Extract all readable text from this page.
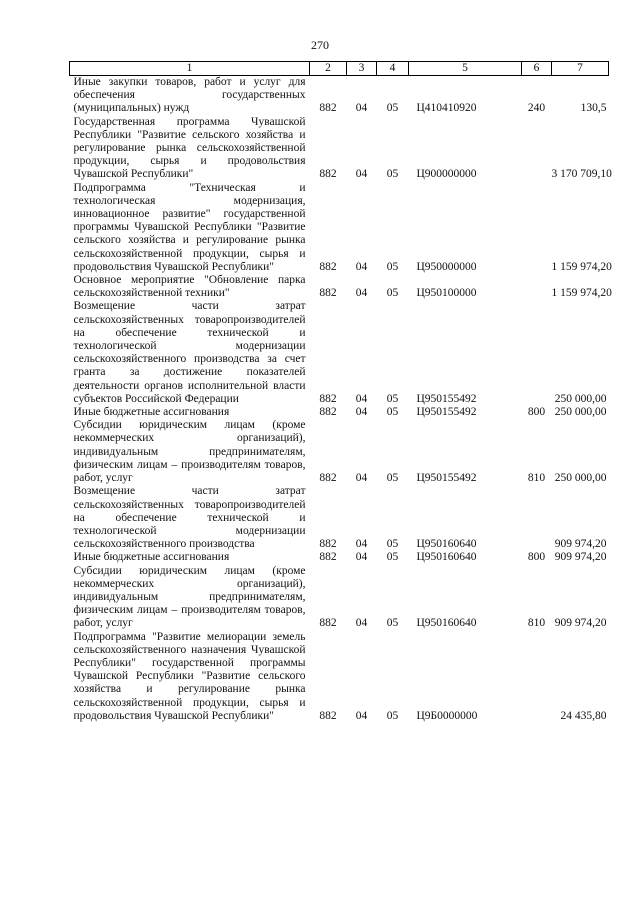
270
1	2	3	4	5	6	7
Иные закупки товаров, работ и услуг для обеспечения государственных (муниципальных) нужд	882	04	05	Ц410410920	240	130,5
Государственная программа Чувашской Республики "Развитие сельского хозяйства и регулирование рынка сельскохозяйственной продукции, сырья и продовольствия Чувашской Республики"	882	04	05	Ц900000000		3 170 709,10
Подпрограмма "Техническая и технологическая модернизация, инновационное развитие" государственной программы Чувашской Республики "Развитие сельского хозяйства и регулирование рынка сельскохозяйственной продукции, сырья и продовольствия Чувашской Республики"	882	04	05	Ц950000000		1 159 974,20
Основное мероприятие "Обновление парка сельскохозяйственной техники"	882	04	05	Ц950100000		1 159 974,20
Возмещение части затрат сельскохозяйственных товаропроизводителей на обеспечение технической и технологической модернизации сельскохозяйственного производства за счет гранта за достижение показателей деятельности органов исполнительной власти субъектов Российской Федерации	882	04	05	Ц950155492		250 000,00
Иные бюджетные ассигнования	882	04	05	Ц950155492	800	250 000,00
Субсидии юридическим лицам (кроме некоммерческих организаций), индивидуальным предпринимателям, физическим лицам – производителям товаров, работ, услуг	882	04	05	Ц950155492	810	250 000,00
Возмещение части затрат сельскохозяйственных товаропроизводителей на обеспечение технической и технологической модернизации сельскохозяйственного производства	882	04	05	Ц950160640		909 974,20
Иные бюджетные ассигнования	882	04	05	Ц950160640	800	909 974,20
Субсидии юридическим лицам (кроме некоммерческих организаций), индивидуальным предпринимателям, физическим лицам – производителям товаров, работ, услуг	882	04	05	Ц950160640	810	909 974,20
Подпрограмма "Развитие мелиорации земель сельскохозяйственного назначения Чувашской Республики" государственной программы Чувашской Республики "Развитие сельского хозяйства и регулирование рынка сельскохозяйственной продукции, сырья и продовольствия Чувашской Республики"	882	04	05	Ц9Б0000000		24 435,80
